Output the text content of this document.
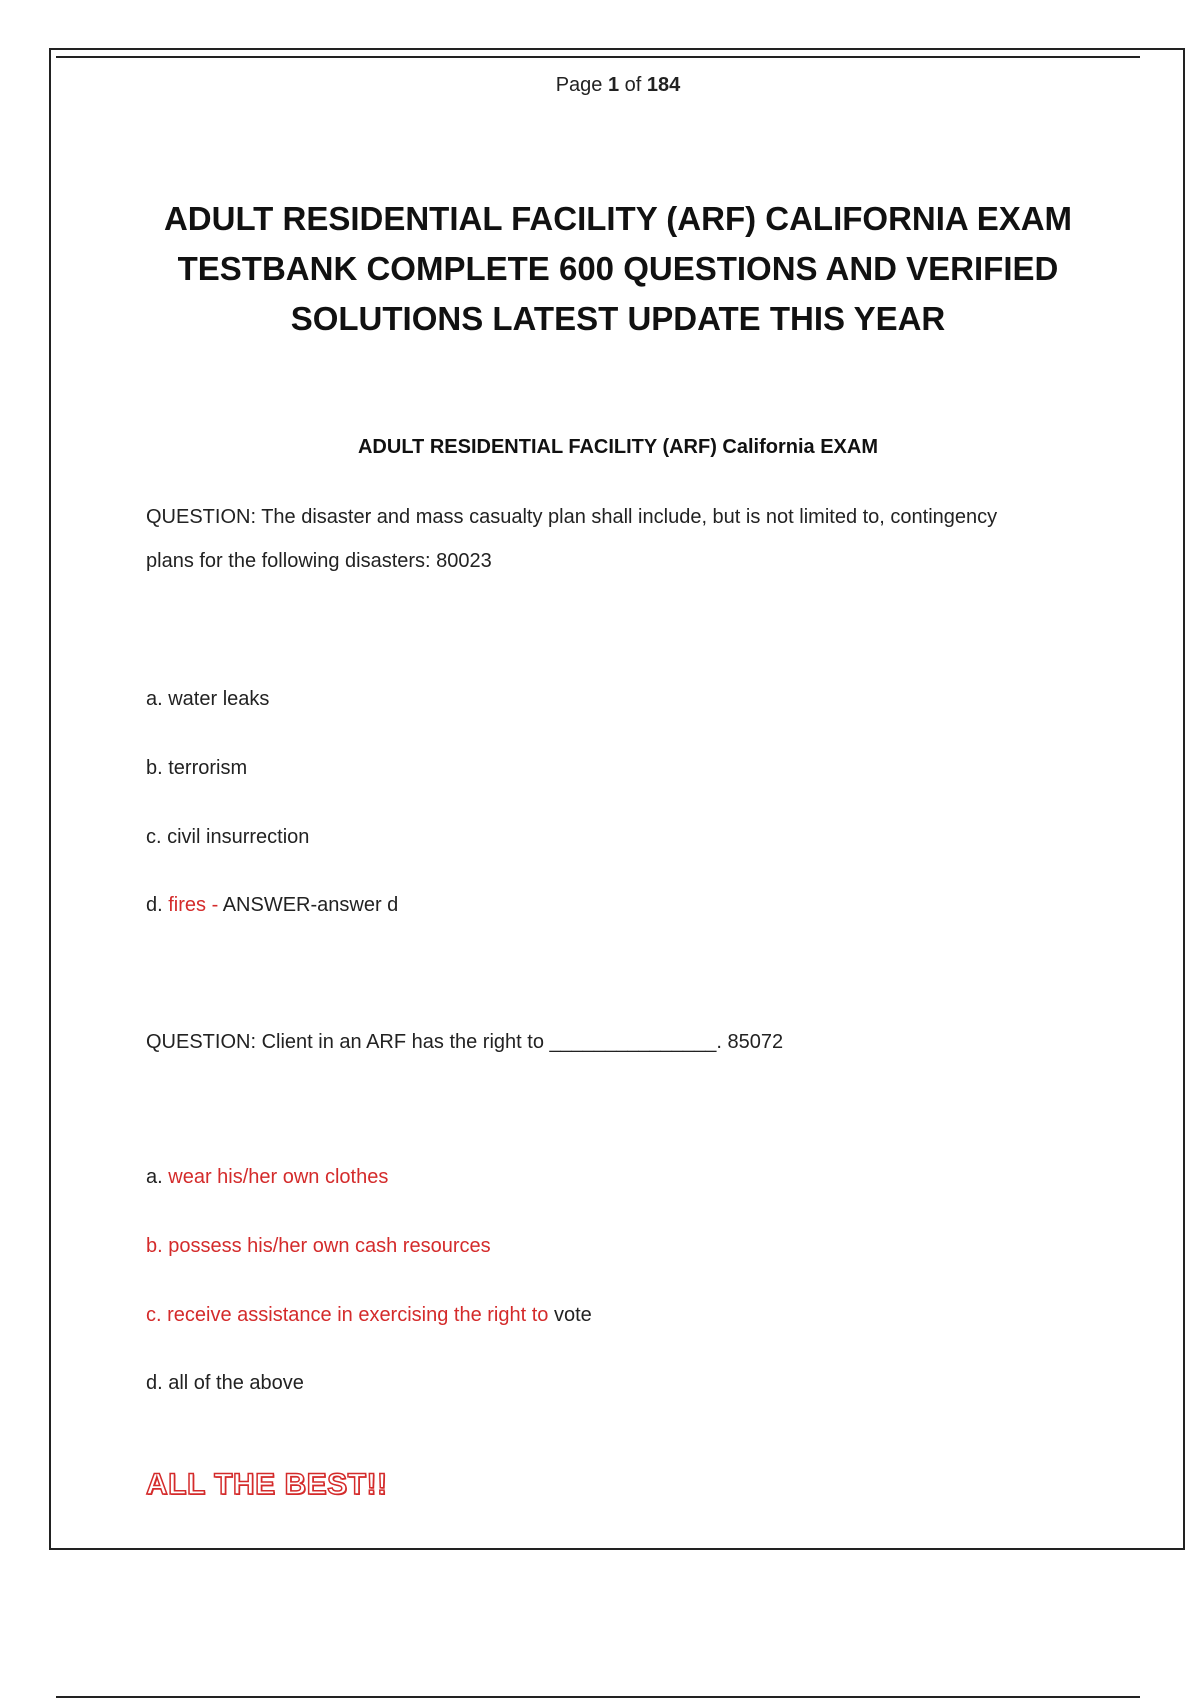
Page 1 of 184
ADULT RESIDENTIAL FACILITY (ARF) CALIFORNIA EXAM
TESTBANK COMPLETE 600 QUESTIONS AND VERIFIED
SOLUTIONS LATEST UPDATE THIS YEAR
ADULT RESIDENTIAL FACILITY (ARF) California EXAM
QUESTION: The disaster and mass casualty plan shall include, but is not limited to, contingency
plans for the following disasters: 80023
a. water leaks
b. terrorism
c. civil insurrection
d. fires - ANSWER-answer d
QUESTION: Client in an ARF has the right to _______________. 85072
a. wear his/her own clothes
b. possess his/her own cash resources
c. receive assistance in exercising the right to vote
d. all of the above
ALL THE BEST!!
